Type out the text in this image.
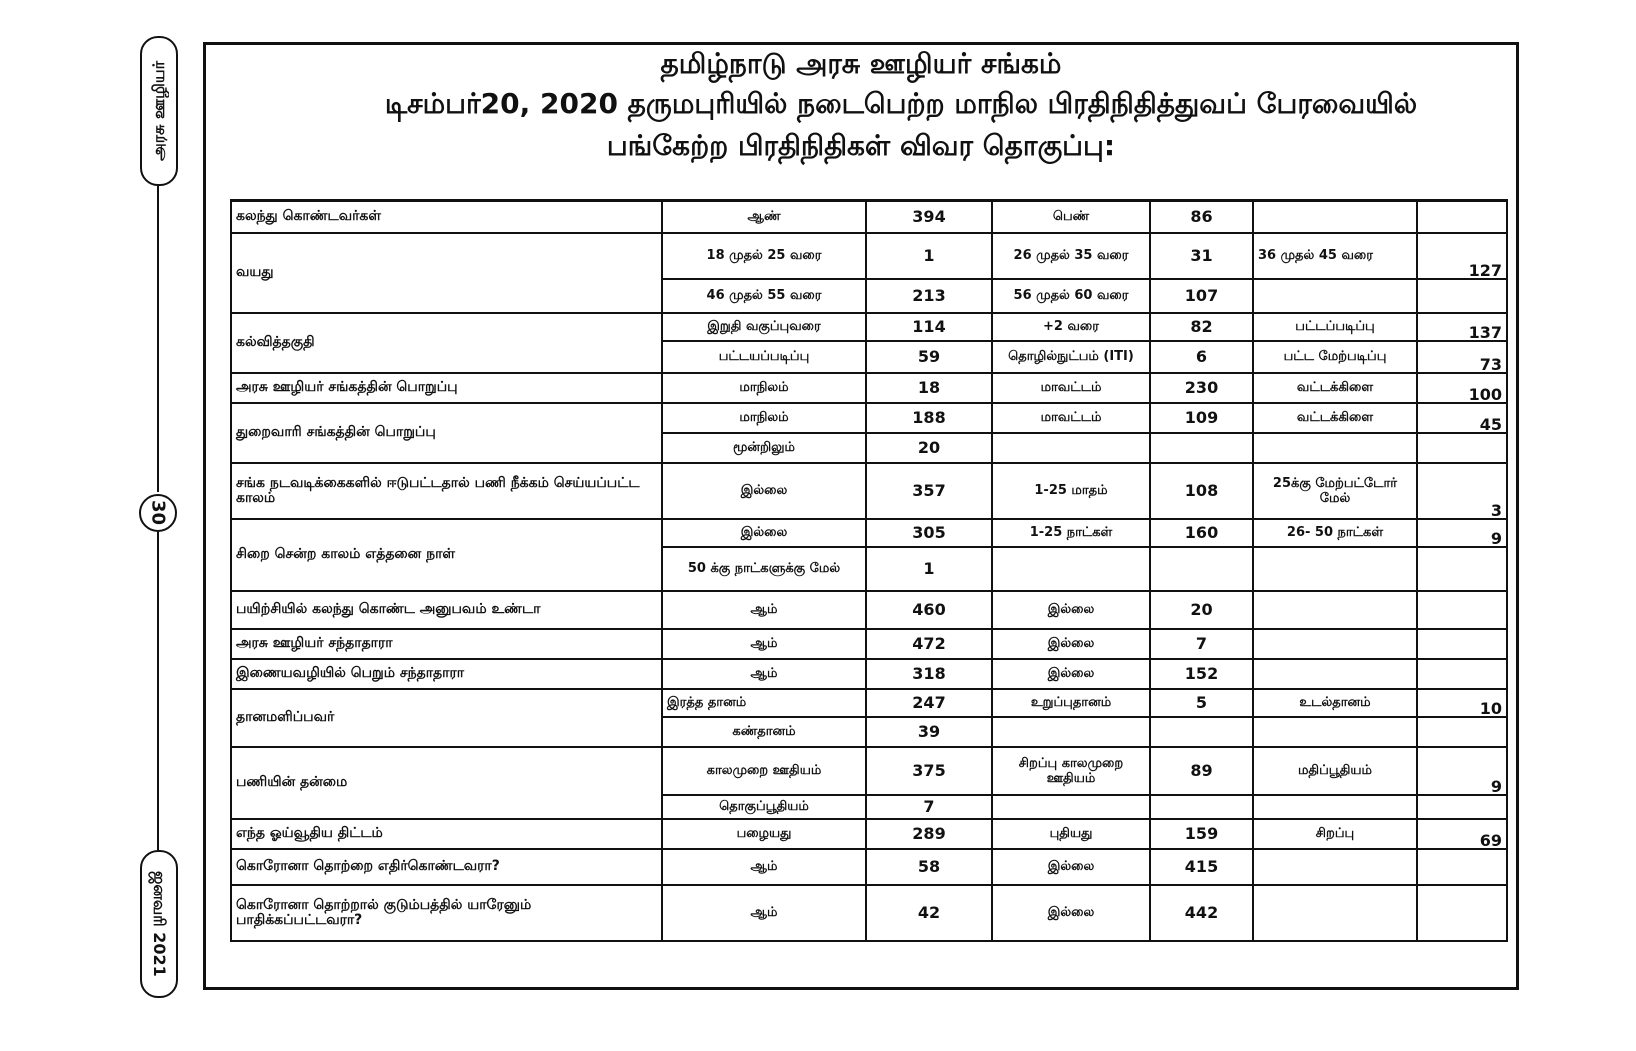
அரசு ஊழியர்
30
ஜனவரி 2021
தமிழ்நாடு அரசு ஊழியர் சங்கம்
டிசம்பர்20, 2020 தருமபுரியில் நடைபெற்ற மாநில பிரதிநிதித்துவப் பேரவையில்
பங்கேற்ற பிரதிநிதிகள் விவர தொகுப்பு:
கலந்து கொண்டவர்கள்	ஆண்	394	பெண்	86		
வயது	18 முதல் 25 வரை	1	26 முதல் 35 வரை	31	36 முதல் 45 வரை	127
	46 முதல் 55 வரை	213	56 முதல் 60 வரை	107		
கல்வித்தகுதி	இறுதி வகுப்புவரை	114	+2 வரை	82	பட்டப்படிப்பு	137
	பட்டயப்படிப்பு	59	தொழில்நுட்பம் (ITI)	6	பட்ட மேற்படிப்பு	73
அரசு ஊழியர் சங்கத்தின் பொறுப்பு	மாநிலம்	18	மாவட்டம்	230	வட்டக்கிளை	100
துறைவாரி சங்கத்தின் பொறுப்பு	மாநிலம்	188	மாவட்டம்	109	வட்டக்கிளை	45
	மூன்றிலும்	20				
சங்க நடவடிக்கைகளில் ஈடுபட்டதால் பணி நீக்கம் செய்யப்பட்ட காலம்	இல்லை	357	1-25 மாதம்	108	25க்கு மேற்பட்டோர் மேல்	3
சிறை சென்ற காலம் எத்தனை நாள்	இல்லை	305	1-25 நாட்கள்	160	26- 50 நாட்கள்	9
	50 க்கு நாட்களுக்கு மேல்	1				
பயிற்சியில் கலந்து கொண்ட அனுபவம் உண்டா	ஆம்	460	இல்லை	20		
அரசு ஊழியர் சந்தாதாரா	ஆம்	472	இல்லை	7		
இணையவழியில் பெறும் சந்தாதாரா	ஆம்	318	இல்லை	152		
தானமளிப்பவர்	இரத்த தானம்	247	உறுப்புதானம்	5	உடல்தானம்	10
	கண்தானம்	39				
பணியின் தன்மை	காலமுறை ஊதியம்	375	சிறப்பு காலமுறை ஊதியம்	89	மதிப்பூதியம்	9
	தொகுப்பூதியம்	7				
எந்த ஓய்வூதிய திட்டம்	பழையது	289	புதியது	159	சிறப்பு	69
கொரோனா தொற்றை எதிர்கொண்டவரா?	ஆம்	58	இல்லை	415		
கொரோனா தொற்றால் குடும்பத்தில் யாரேனும் பாதிக்கப்பட்டவரா?	ஆம்	42	இல்லை	442		
